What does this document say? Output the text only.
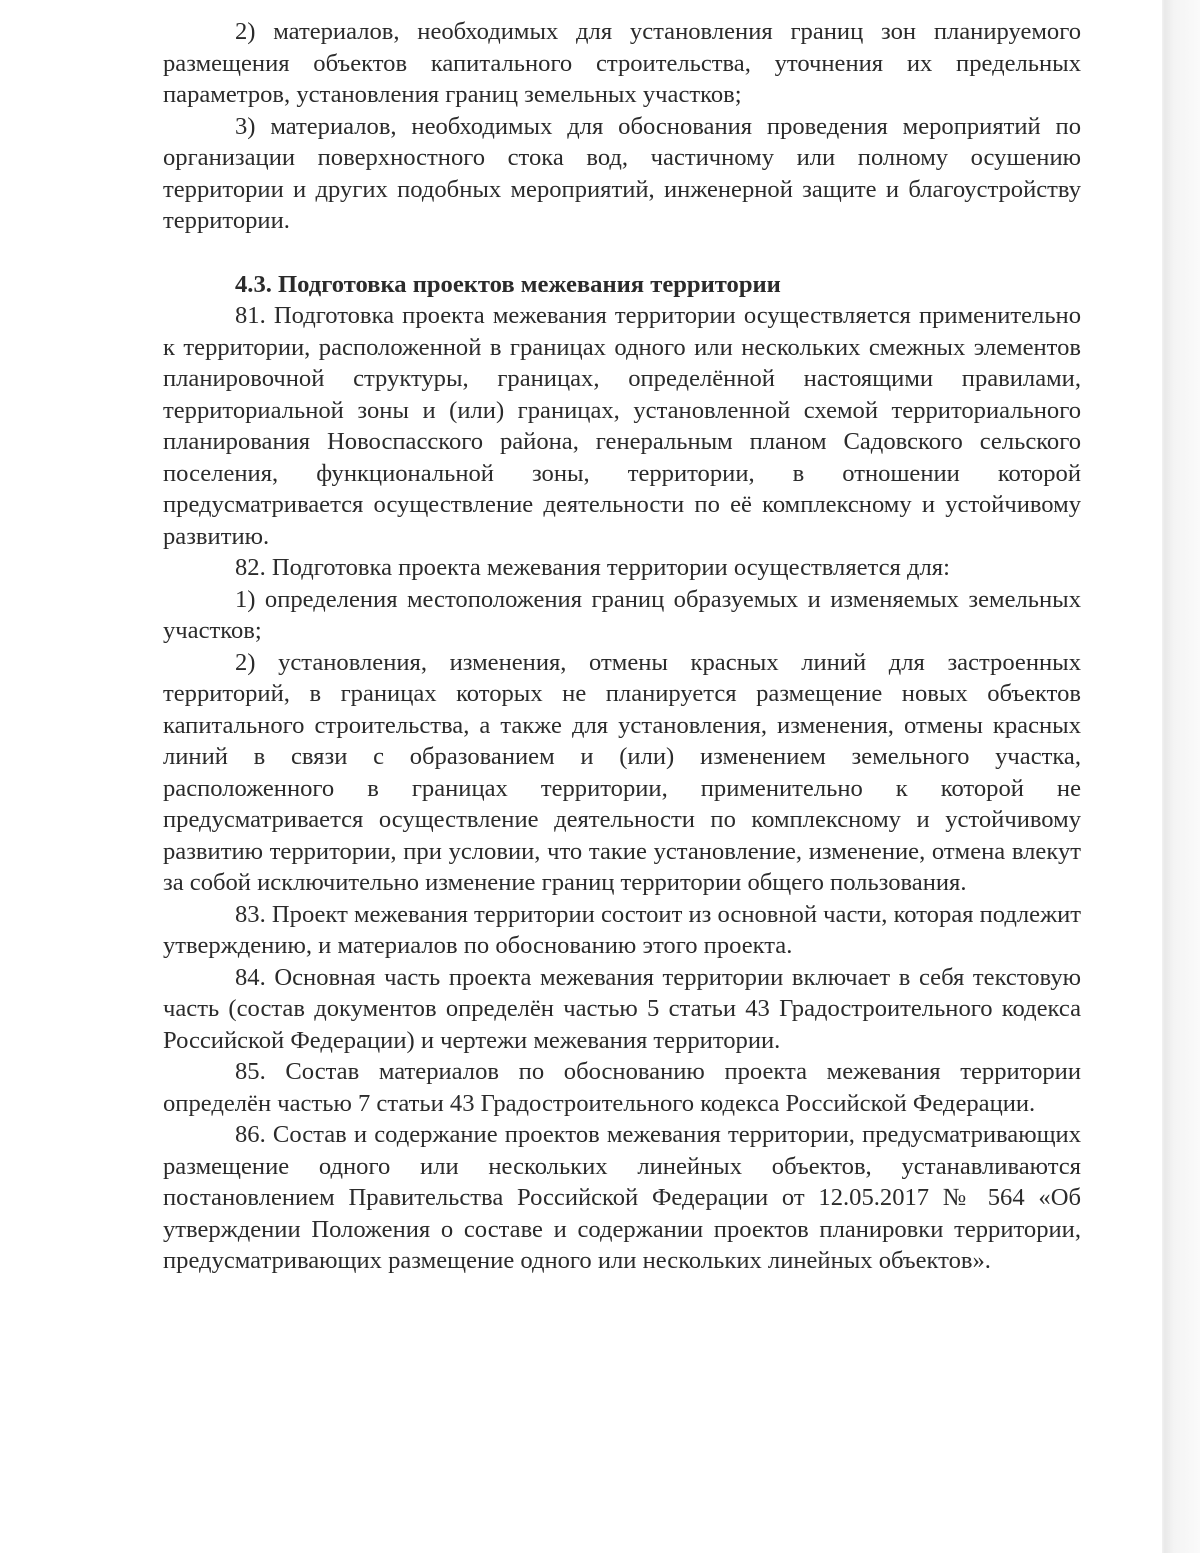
2) материалов, необходимых для установления границ зон планируемого размещения объектов капитального строительства, уточнения их предельных параметров, установления границ земельных участков;

3) материалов, необходимых для обоснования проведения мероприятий по организации поверхностного стока вод, частичному или полному осушению территории и других подобных мероприятий, инженерной защите и благоустройству территории.

4.3. Подготовка проектов межевания территории

81. Подготовка проекта межевания территории осуществляется применительно к территории, расположенной в границах одного или нескольких смежных элементов планировочной структуры, границах, определённой настоящими правилами, территориальной зоны и (или) границах, установленной схемой территориального планирования Новоспасского района, генеральным планом Садовского сельского поселения, функциональной зоны, территории, в отношении которой предусматривается осуществление деятельности по её комплексному и устойчивому развитию.

82. Подготовка проекта межевания территории осуществляется для:

1) определения местоположения границ образуемых и изменяемых земельных участков;

2) установления, изменения, отмены красных линий для застроенных территорий, в границах которых не планируется размещение новых объектов капитального строительства, а также для установления, изменения, отмены красных линий в связи с образованием и (или) изменением земельного участка, расположенного в границах территории, применительно к которой не предусматривается осуществление деятельности по комплексному и устойчивому развитию территории, при условии, что такие установление, изменение, отмена влекут за собой исключительно изменение границ территории общего пользования.

83. Проект межевания территории состоит из основной части, которая подлежит утверждению, и материалов по обоснованию этого проекта.

84. Основная часть проекта межевания территории включает в себя текстовую часть (состав документов определён частью 5 статьи 43 Градостроительного кодекса Российской Федерации) и чертежи межевания территории.

85. Состав материалов по обоснованию проекта межевания территории определён частью 7 статьи 43 Градостроительного кодекса Российской Федерации.

86. Состав и содержание проектов межевания территории, предусматривающих размещение одного или нескольких линейных объектов, устанавливаются постановлением Правительства Российской Федерации от 12.05.2017 № 564 «Об утверждении Положения о составе и содержании проектов планировки территории, предусматривающих размещение одного или нескольких линейных объектов».
